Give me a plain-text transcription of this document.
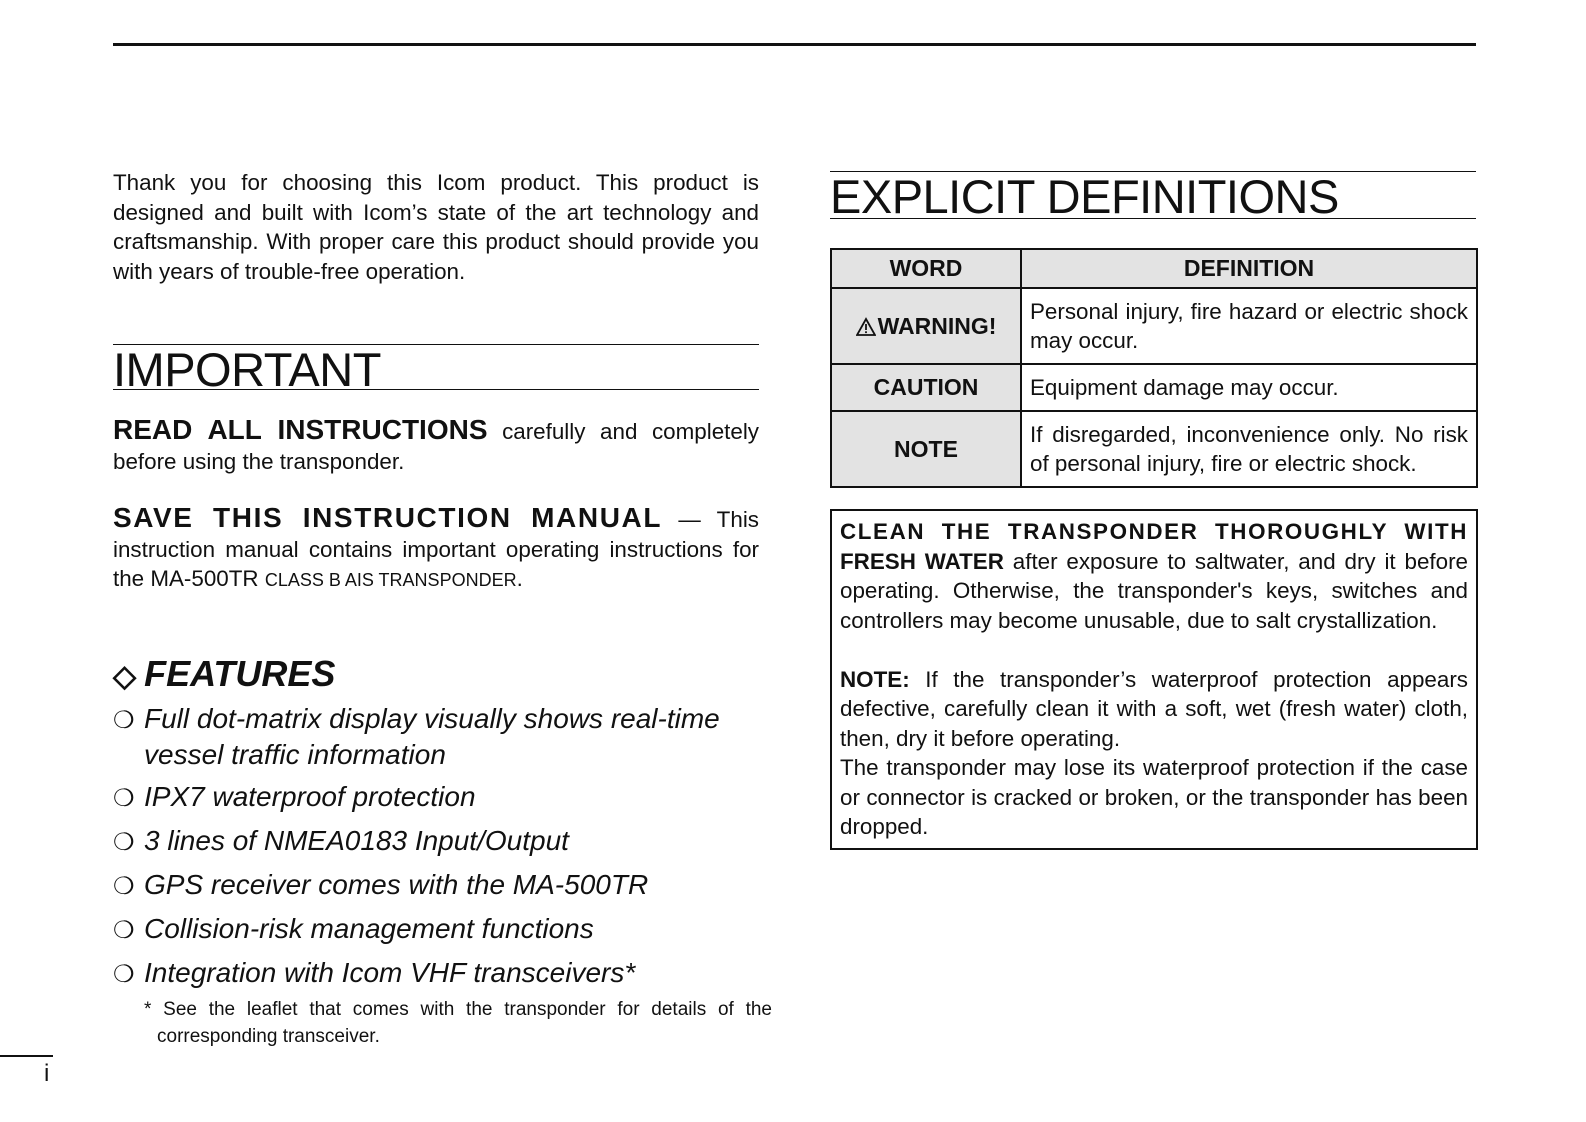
Thank you for choosing this Icom product. This product is designed and built with Icom’s state of the art technology and craftsmanship. With proper care this product should provide you with years of trouble-free operation.

IMPORTANT

READ ALL INSTRUCTIONS carefully and completely before using the transponder.

SAVE THIS INSTRUCTION MANUAL — This instruction manual contains important operating instructions for the MA-500TR CLASS B AIS TRANSPONDER.

◇ FEATURES
❍ Full dot-matrix display visually shows real-time vessel traffic information
❍ IPX7 waterproof protection
❍ 3 lines of NMEA0183 Input/Output
❍ GPS receiver comes with the MA-500TR
❍ Collision-risk management functions
❍ Integration with Icom VHF transceivers*

* See the leaflet that comes with the transponder for details of the corresponding transceiver.

i
EXPLICIT DEFINITIONS
WORD	DEFINITION
WARNING!	Personal injury, fire hazard or electric shock may occur.
CAUTION	Equipment damage may occur.
NOTE	If disregarded, inconvenience only. No risk of personal injury, fire or electric shock.

CLEAN THE TRANSPONDER THOROUGHLY WITH FRESH WATER after exposure to saltwater, and dry it before operating. Otherwise, the transponder's keys, switches and controllers may become unusable, due to salt crystallization.

NOTE: If the transponder’s waterproof protection appears defective, carefully clean it with a soft, wet (fresh water) cloth, then, dry it before operating.

The transponder may lose its waterproof protection if the case or connector is cracked or broken, or the transponder has been dropped.
